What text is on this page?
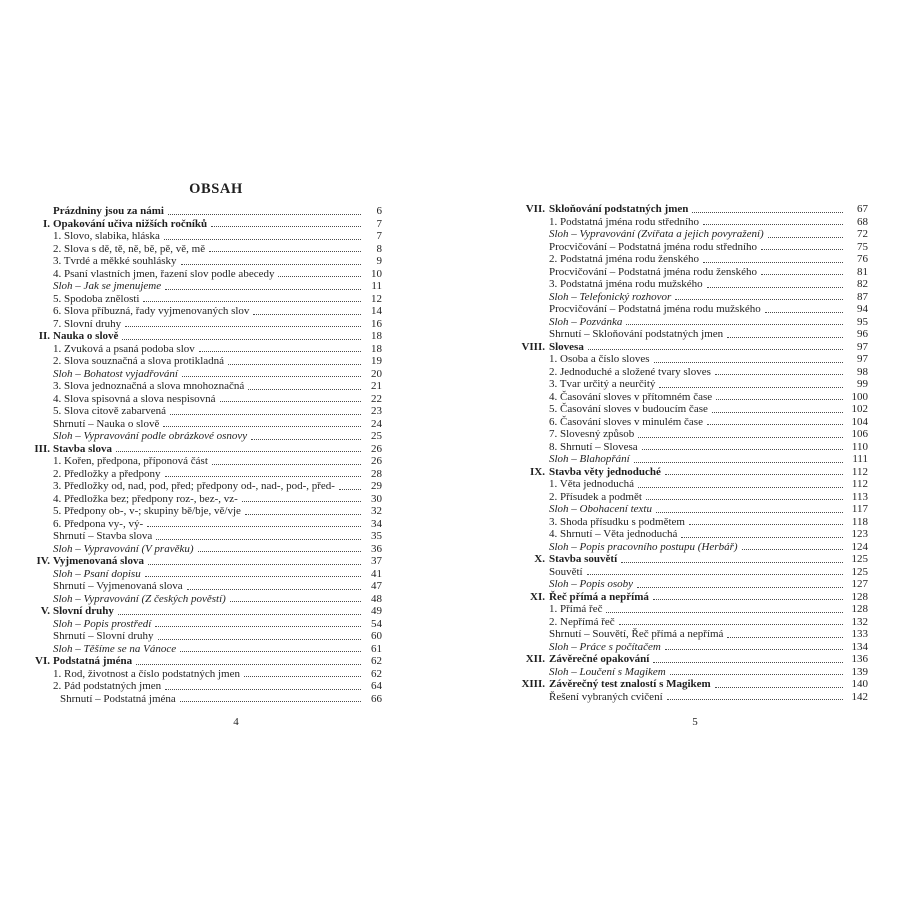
OBSAH
Prázdniny jsou za námi	6
I. Opakování učiva nižších ročníků	7
1. Slovo, slabika, hláska	7
2. Slova s dě, tě, ně, bě, pě, vě, mě	8
3. Tvrdé a měkké souhlásky	9
4. Psaní vlastních jmen, řazení slov podle abecedy	10
Sloh – Jak se jmenujeme	11
5. Spodoba znělosti	12
6. Slova příbuzná, řady vyjmenovaných slov	14
7. Slovní druhy	16
II. Nauka o slově	18
1. Zvuková a psaná podoba slov	18
2. Slova souznačná a slova protikladná	19
Sloh – Bohatost vyjadřování	20
3. Slova jednoznačná a slova mnohoznačná	21
4. Slova spisovná a slova nespisovná	22
5. Slova citově zabarvená	23
Shrnutí – Nauka o slově	24
Sloh – Vypravování podle obrázkové osnovy	25
III. Stavba slova	26
1. Kořen, předpona, příponová část	26
2. Předložky a předpony	28
3. Předložky od, nad, pod, před; předpony od-, nad-, pod-, před-	29
4. Předložka bez; předpony roz-, bez-, vz-	30
5. Předpony ob-, v-; skupiny bě/bje, vě/vje	32
6. Předpona vy-, vý-	34
Shrnutí – Stavba slova	35
Sloh – Vypravování (V pravěku)	36
IV. Vyjmenovaná slova	37
Sloh – Psaní dopisu	41
Shrnutí – Vyjmenovaná slova	47
Sloh – Vypravování (Z českých pověstí)	48
V. Slovní druhy	49
Sloh – Popis prostředí	54
Shrnutí – Slovní druhy	60
Sloh – Těšíme se na Vánoce	61
VI. Podstatná jména	62
1. Rod, životnost a číslo podstatných jmen	62
2. Pád podstatných jmen	64
Shrnutí – Podstatná jména	66
VII. Skloňování podstatných jmen	67
1. Podstatná jména rodu středního	68
Sloh – Vypravování (Zvířata a jejich povyražení)	72
Procvičování – Podstatná jména rodu středního	75
2. Podstatná jména rodu ženského	76
Procvičování – Podstatná jména rodu ženského	81
3. Podstatná jména rodu mužského	82
Sloh – Telefonický rozhovor	87
Procvičování – Podstatná jména rodu mužského	94
Sloh – Pozvánka	95
Shrnutí – Skloňování podstatných jmen	96
VIII. Slovesa	97
1. Osoba a číslo sloves	97
2. Jednoduché a složené tvary sloves	98
3. Tvar určitý a neurčitý	99
4. Časování sloves v přítomném čase	100
5. Časování sloves v budoucím čase	102
6. Časování sloves v minulém čase	104
7. Slovesný způsob	106
8. Shrnutí – Slovesa	110
Sloh – Blahopřání	111
IX. Stavba věty jednoduché	112
1. Věta jednoduchá	112
2. Přísudek a podmět	113
Sloh – Obohacení textu	117
3. Shoda přísudku s podmětem	118
4. Shrnutí – Věta jednoduchá	123
Sloh – Popis pracovního postupu (Herbář)	124
X. Stavba souvětí	125
Souvětí	125
Sloh – Popis osoby	127
XI. Řeč přímá a nepřímá	128
1. Přímá řeč	128
2. Nepřímá řeč	132
Shrnutí – Souvětí, Řeč přímá a nepřímá	133
Sloh – Práce s počítačem	134
XII. Závěrečné opakování	136
Sloh – Loučení s Magikem	139
XIII. Závěrečný test znalostí s Magikem	140
Řešení vybraných cvičení	142
4	5
